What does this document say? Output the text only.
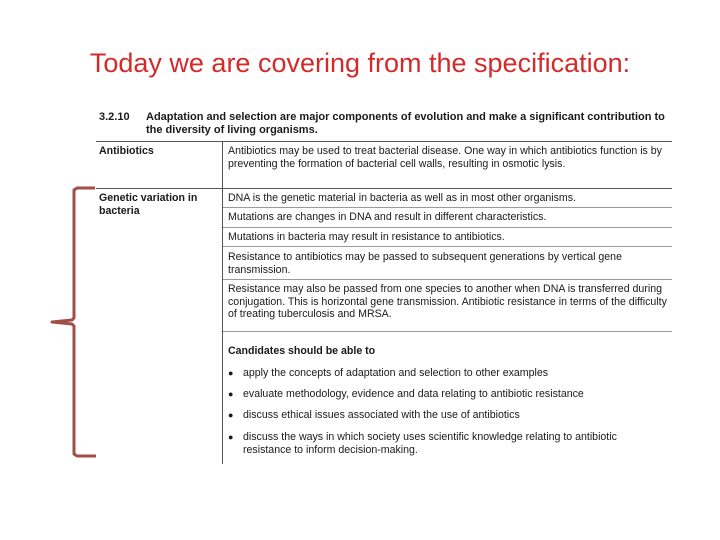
Today we are covering from the specification:
3.2.10 Adaptation and selection are major components of evolution and make a significant contribution to the diversity of living organisms.
Antibiotics	Antibiotics may be used to treat bacterial disease. One way in which antibiotics function is by preventing the formation of bacterial cell walls, resulting in osmotic lysis.
Genetic variation in bacteria
DNA is the genetic material in bacteria as well as in most other organisms.
Mutations are changes in DNA and result in different characteristics.
Mutations in bacteria may result in resistance to antibiotics.
Resistance to antibiotics may be passed to subsequent generations by vertical gene transmission.
Resistance may also be passed from one species to another when DNA is transferred during conjugation. This is horizontal gene transmission. Antibiotic resistance in terms of the difficulty of treating tuberculosis and MRSA.
Candidates should be able to
● apply the concepts of adaptation and selection to other examples
● evaluate methodology, evidence and data relating to antibiotic resistance
● discuss ethical issues associated with the use of antibiotics
● discuss the ways in which society uses scientific knowledge relating to antibiotic resistance to inform decision-making.
